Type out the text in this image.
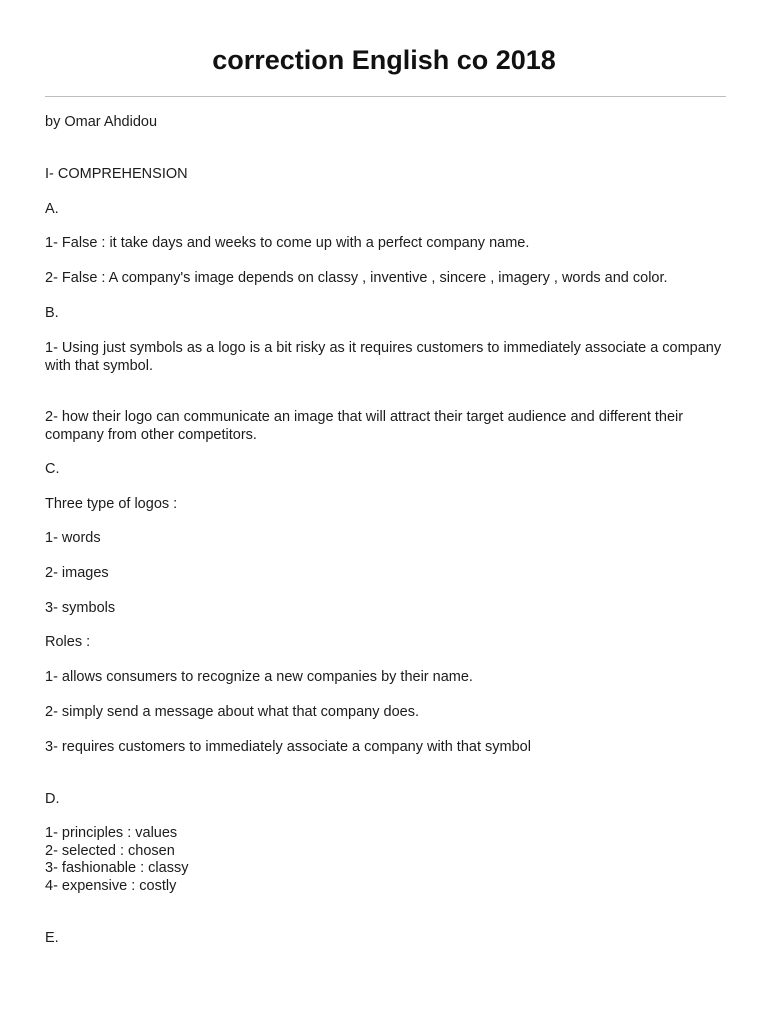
correction English co 2018
by Omar Ahdidou
I- COMPREHENSION
A.
1- False : it take days and weeks to come up with a perfect company name.
2- False : A company's image depends on classy , inventive , sincere , imagery , words and color.
B.
1- Using just symbols as a logo is a bit risky as it requires customers to immediately associate a company with that symbol.
2- how their logo can communicate an image that will attract their target audience and different their company from other competitors.
C.
Three type of logos :
1- words
2- images
3- symbols
Roles :
1- allows consumers to recognize a new companies by their name.
2- simply send a message about what that company does.
3- requires customers to immediately associate a company with that symbol
D.
1- principles : values
2- selected : chosen
3- fashionable : classy
4- expensive : costly
E.
